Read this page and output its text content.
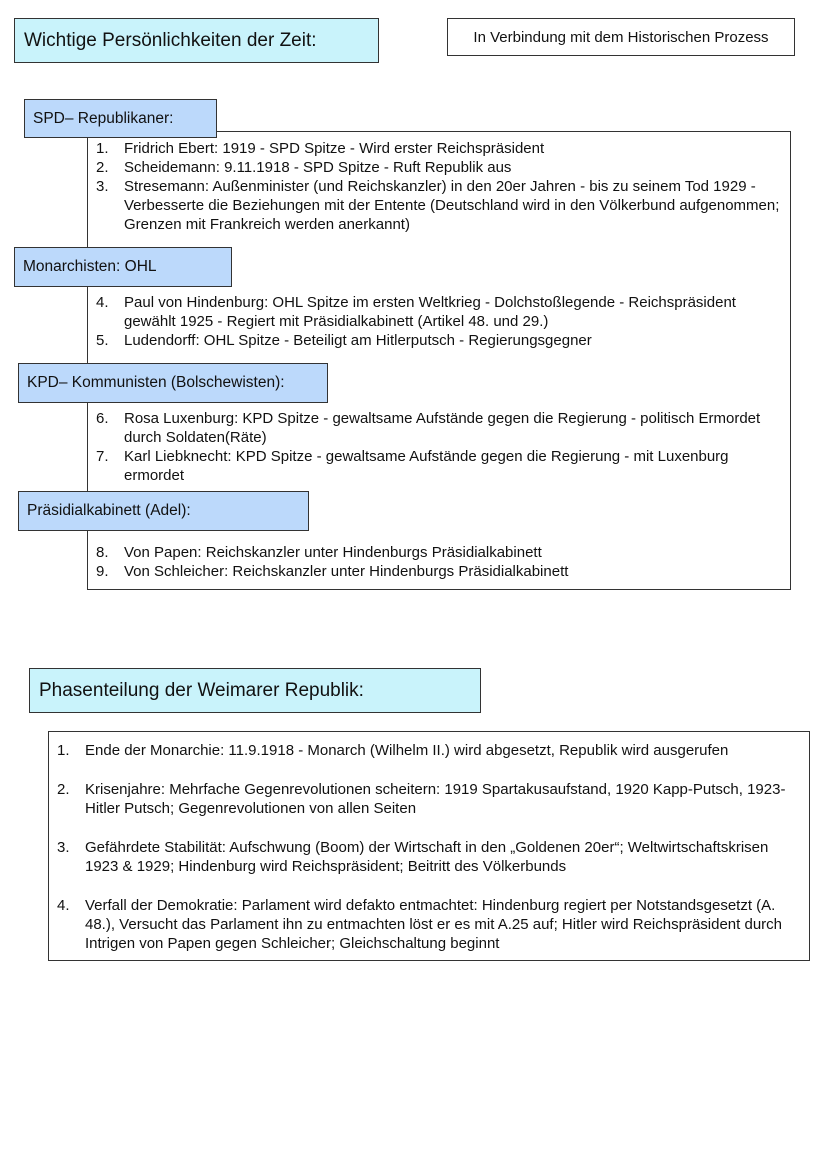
Wichtige Persönlichkeiten der Zeit:	In Verbindung mit dem Historischen Prozess
SPD– Republikaner:
1. Fridrich Ebert: 1919 - SPD Spitze - Wird erster Reichspräsident
2. Scheidemann: 9.11.1918 - SPD Spitze - Ruft Republik aus
3. Stresemann: Außenminister (und Reichskanzler) in den 20er Jahren - bis zu seinem Tod 1929 - Verbesserte die Beziehungen mit der Entente (Deutschland wird in den Völkerbund aufgenommen; Grenzen mit Frankreich werden anerkannt)
Monarchisten: OHL
4. Paul von Hindenburg: OHL Spitze im ersten Weltkrieg - Dolchstoßlegende - Reichspräsident gewählt 1925 - Regiert mit Präsidialkabinett (Artikel 48. und 29.)
5. Ludendorff: OHL Spitze - Beteiligt am Hitlerputsch - Regierungsgegner
KPD– Kommunisten (Bolschewisten):
6. Rosa Luxenburg: KPD Spitze - gewaltsame Aufstände gegen die Regierung - politisch Ermordet durch Soldaten(Räte)
7. Karl Liebknecht: KPD Spitze - gewaltsame Aufstände gegen die Regierung - mit Luxenburg ermordet
Präsidialkabinett (Adel):
8. Von Papen: Reichskanzler unter Hindenburgs Präsidialkabinett
9. Von Schleicher: Reichskanzler unter Hindenburgs Präsidialkabinett
Phasenteilung der Weimarer Republik:
1. Ende der Monarchie: 11.9.1918 - Monarch (Wilhelm II.) wird abgesetzt, Republik wird ausgerufen
2. Krisenjahre: Mehrfache Gegenrevolutionen scheitern: 1919 Spartakusaufstand, 1920 Kapp-Putsch, 1923- Hitler Putsch; Gegenrevolutionen von allen Seiten
3. Gefährdete Stabilität: Aufschwung (Boom) der Wirtschaft in den „Goldenen 20er“; Weltwirtschaftskrisen 1923 & 1929; Hindenburg wird Reichspräsident; Beitritt des Völkerbunds
4. Verfall der Demokratie: Parlament wird defakto entmachtet: Hindenburg regiert per Notstandsgesetzt (A. 48.), Versucht das Parlament ihn zu entmachten löst er es mit A.25 auf; Hitler wird Reichspräsident durch Intrigen von Papen gegen Schleicher; Gleichschaltung beginnt
